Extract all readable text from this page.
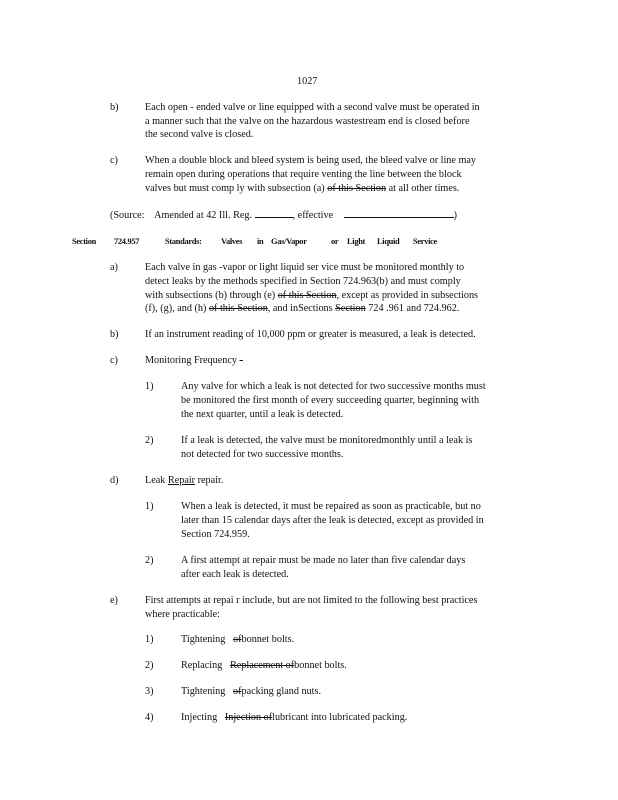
1027
b)	Each open - ended valve or line equipped with a second valve must be operated in
a manner such that the valve on the hazardous wastestream end is closed before
the second valve is closed.
c)	When a double block and bleed system is being used, the bleed valve or line may
remain open during operations that require venting the line between the block
valves but must comp ly with subsection (a) of this Section at all other times.
(Source: Amended at 42 Ill. Reg.	, effective	)
Section 724.957	Standards: Valves in Gas/Vapor	or Light Liquid Service
a)	Each valve in gas -vapor or light liquid ser vice must be monitored monthly to
detect leaks by the methods specified in Section 724.963(b) and must comply
with subsections (b) through (e) of this Section, except as provided in subsections
(f), (g), and (h) of this Section, and inSections Section 724 .961 and 724.962.
b)	If an instrument reading of 10,000 ppm or greater is measured, a leak is detected.
c)	Monitoring Frequency -
1)	Any valve for which a leak is not detected for two successive months must
be monitored the first month of every succeeding quarter, beginning with
the next quarter, until a leak is detected.
2)	If a leak is detected, the valve must be monitoredmonthly until a leak is
not detected for two successive months.
d)	Leak Repair repair.
1)	When a leak is detected, it must be repaired as soon as practicable, but no
later than 15 calendar days after the leak is detected, except as provided in
Section 724.959.
2)	A first attempt at repair must be made no later than five calendar days
after each leak is detected.
e)	First attempts at repai r include, but are not limited to the following best practices
where practicable:
1)	Tightening ofbonnet bolts.
2)	Replacing Replacement ofbonnet bolts.
3)	Tightening ofpacking gland nuts.
4)	Injecting Injection oflubricant into lubricated packing.
